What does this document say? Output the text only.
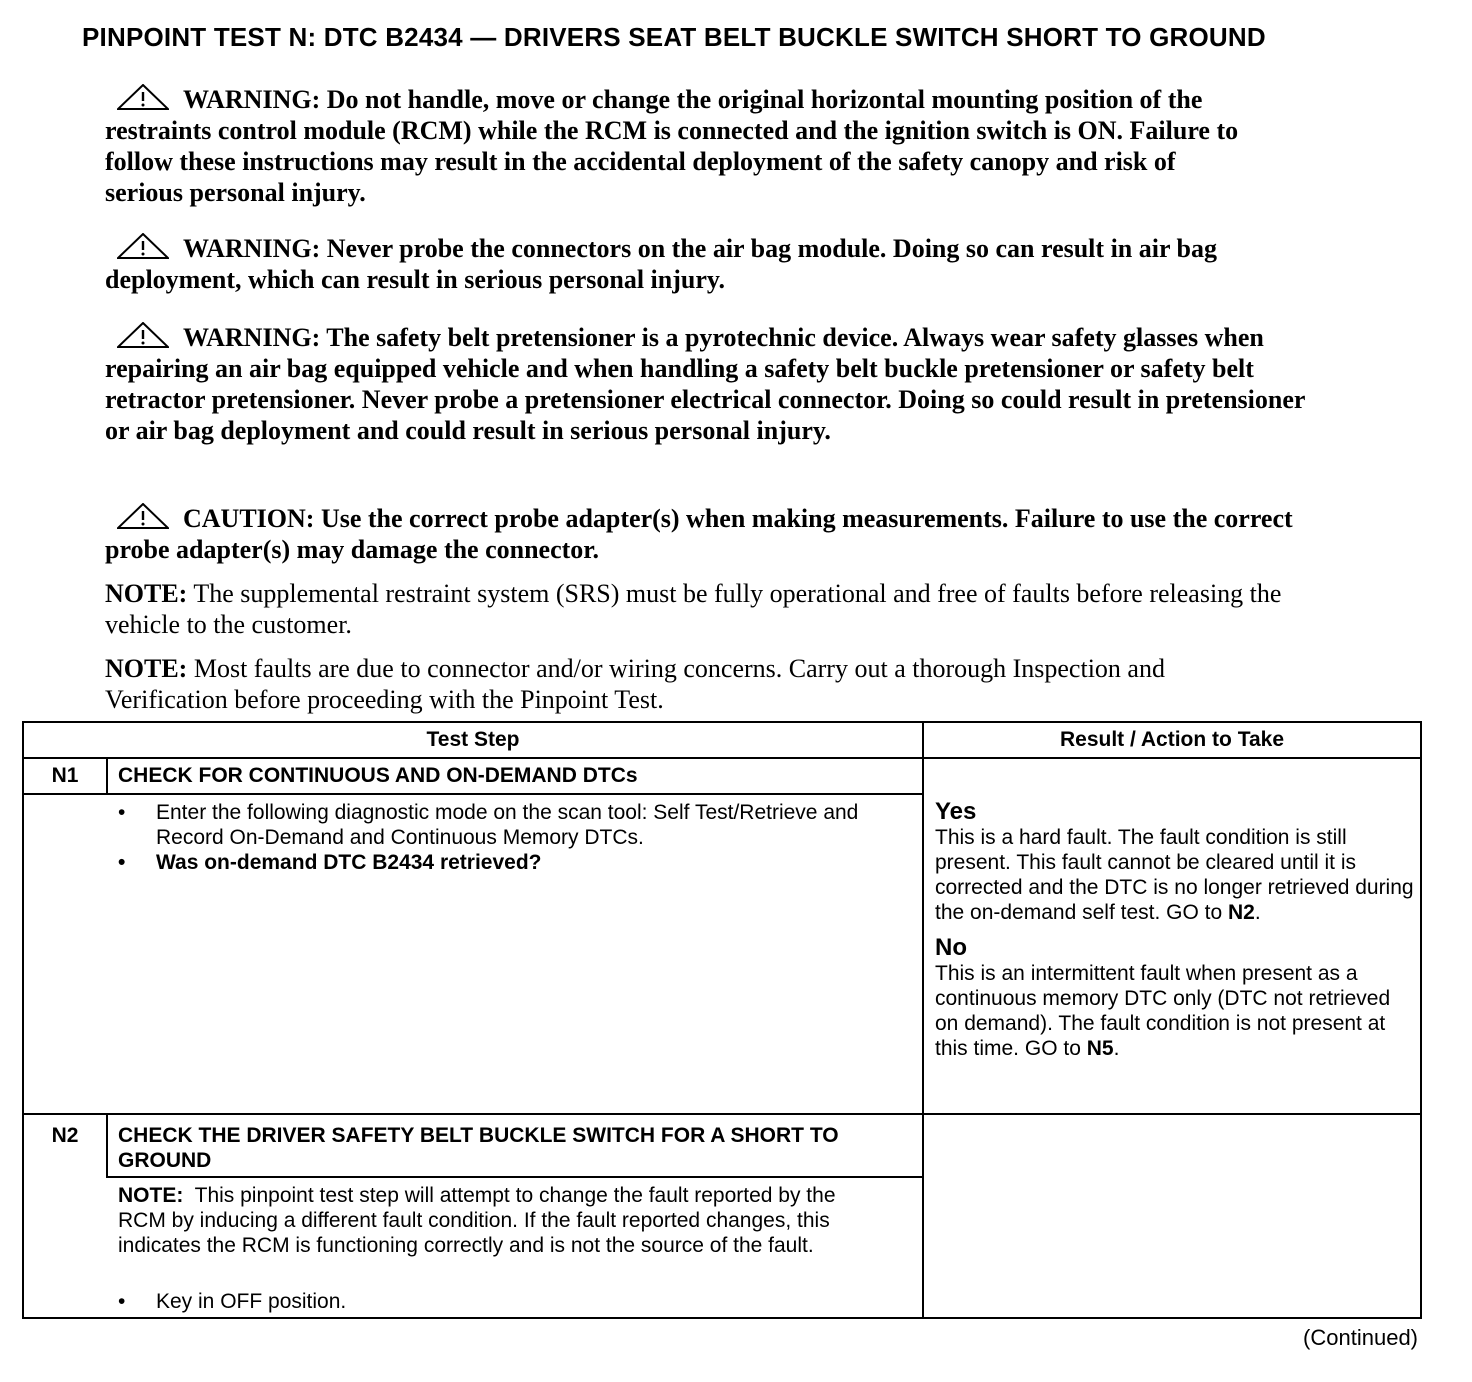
PINPOINT TEST N: DTC B2434 — DRIVERS SEAT BELT BUCKLE SWITCH SHORT TO GROUND
WARNING: Do not handle, move or change the original horizontal mounting position of the restraints control module (RCM) while the RCM is connected and the ignition switch is ON. Failure to follow these instructions may result in the accidental deployment of the safety canopy and risk of serious personal injury.
WARNING: Never probe the connectors on the air bag module. Doing so can result in air bag deployment, which can result in serious personal injury.
WARNING: The safety belt pretensioner is a pyrotechnic device. Always wear safety glasses when repairing an air bag equipped vehicle and when handling a safety belt buckle pretensioner or safety belt retractor pretensioner. Never probe a pretensioner electrical connector. Doing so could result in pretensioner or air bag deployment and could result in serious personal injury.
CAUTION: Use the correct probe adapter(s) when making measurements. Failure to use the correct probe adapter(s) may damage the connector.
NOTE: The supplemental restraint system (SRS) must be fully operational and free of faults before releasing the vehicle to the customer.
NOTE: Most faults are due to connector and/or wiring concerns. Carry out a thorough Inspection and Verification before proceeding with the Pinpoint Test.
Test Step	Result / Action to Take
N1	CHECK FOR CONTINUOUS AND ON-DEMAND DTCs
• Enter the following diagnostic mode on the scan tool: Self Test/Retrieve and Record On-Demand and Continuous Memory DTCs.
• Was on-demand DTC B2434 retrieved?
Yes
This is a hard fault. The fault condition is still present. This fault cannot be cleared until it is corrected and the DTC is no longer retrieved during the on-demand self test. GO to N2.
No
This is an intermittent fault when present as a continuous memory DTC only (DTC not retrieved on demand). The fault condition is not present at this time. GO to N5.
N2	CHECK THE DRIVER SAFETY BELT BUCKLE SWITCH FOR A SHORT TO GROUND
NOTE: This pinpoint test step will attempt to change the fault reported by the RCM by inducing a different fault condition. If the fault reported changes, this indicates the RCM is functioning correctly and is not the source of the fault.
• Key in OFF position.
(Continued)
